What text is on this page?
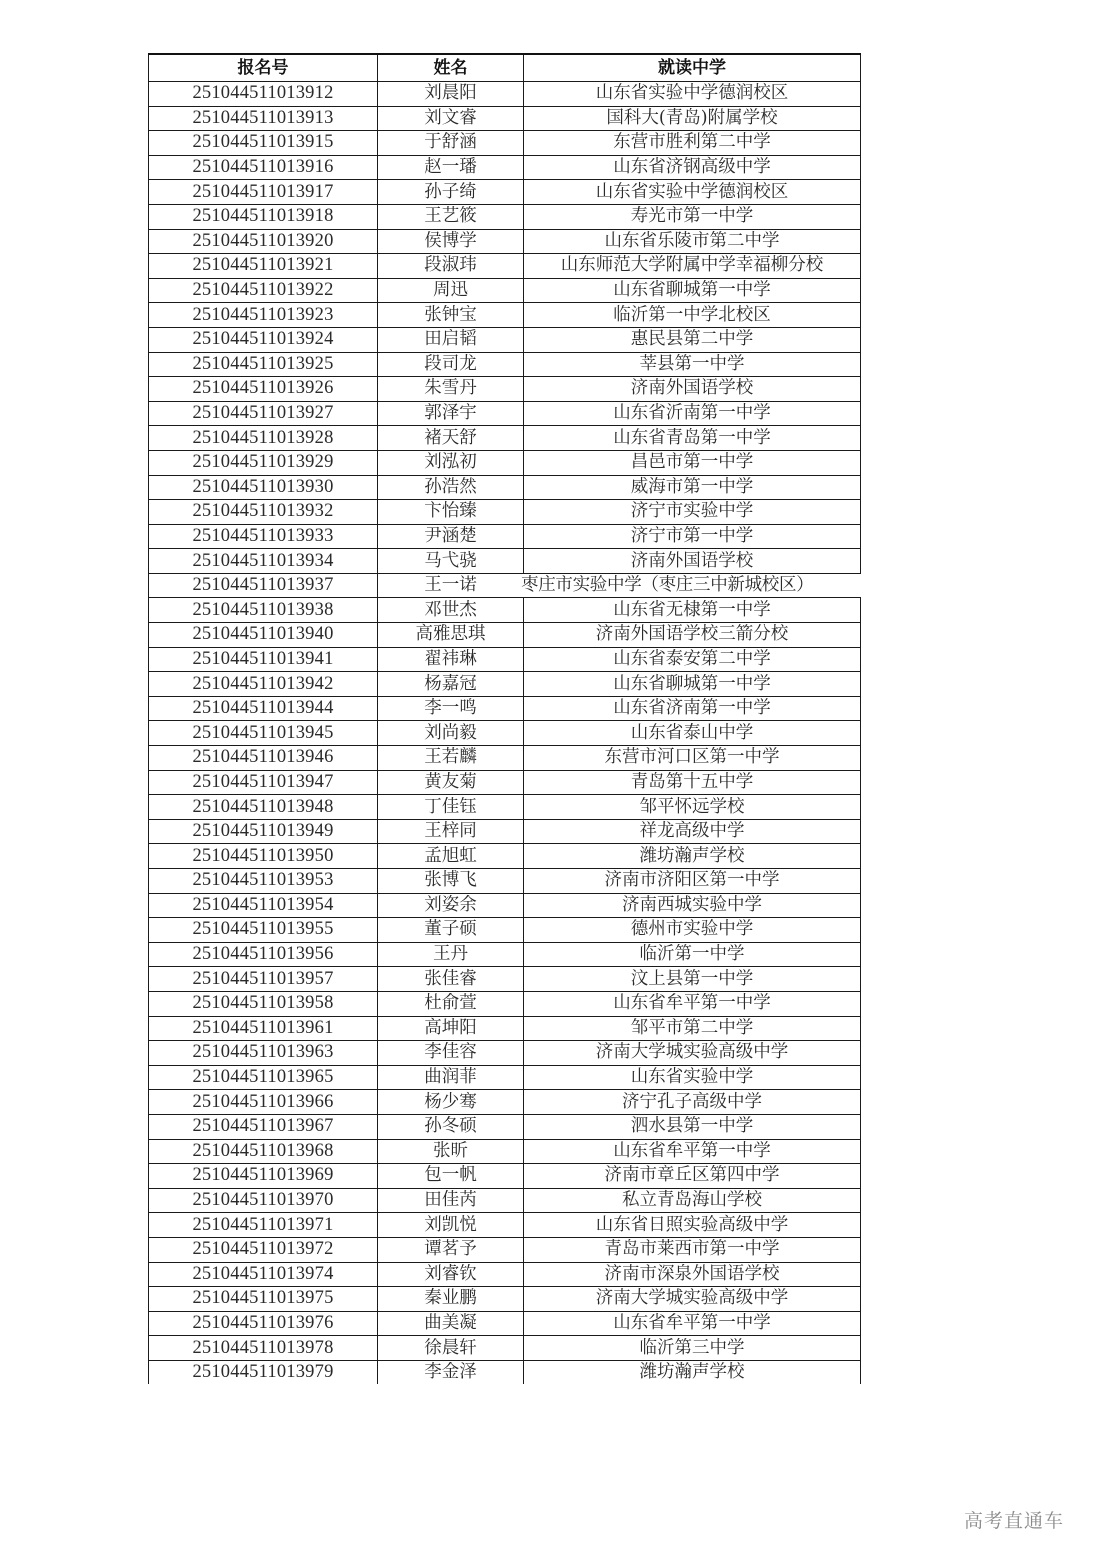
报名号	姓名	就读中学
251044511013912	刘晨阳	山东省实验中学德润校区
251044511013913	刘文睿	国科大(青岛)附属学校
251044511013915	于舒涵	东营市胜利第二中学
251044511013916	赵一璠	山东省济钢高级中学
251044511013917	孙子绮	山东省实验中学德润校区
251044511013918	王艺筱	寿光市第一中学
251044511013920	侯博学	山东省乐陵市第二中学
251044511013921	段淑玮	山东师范大学附属中学幸福柳分校
251044511013922	周迅	山东省聊城第一中学
251044511013923	张钟宝	临沂第一中学北校区
251044511013924	田启韬	惠民县第二中学
251044511013925	段司龙	莘县第一中学
251044511013926	朱雪丹	济南外国语学校
251044511013927	郭泽宇	山东省沂南第一中学
251044511013928	褚天舒	山东省青岛第一中学
251044511013929	刘泓初	昌邑市第一中学
251044511013930	孙浩然	威海市第一中学
251044511013932	卞怡臻	济宁市实验中学
251044511013933	尹涵楚	济宁市第一中学
251044511013934	马弋骁	济南外国语学校
251044511013937	王一诺	枣庄市实验中学（枣庄三中新城校区）

251044511013938	邓世杰	山东省无棣第一中学
251044511013940	高雅思琪	济南外国语学校三箭分校
251044511013941	翟祎琳	山东省泰安第二中学
251044511013942	杨嘉冠	山东省聊城第一中学
251044511013944	李一鸣	山东省济南第一中学
251044511013945	刘尚毅	山东省泰山中学
251044511013946	王若麟	东营市河口区第一中学
251044511013947	黄友菊	青岛第十五中学
251044511013948	丁佳钰	邹平怀远学校
251044511013949	王梓同	祥龙高级中学
251044511013950	孟旭虹	潍坊瀚声学校
251044511013953	张博飞	济南市济阳区第一中学
251044511013954	刘姿余	济南西城实验中学
251044511013955	董子硕	德州市实验中学
251044511013956	王丹	临沂第一中学
251044511013957	张佳睿	汶上县第一中学
251044511013958	杜俞萱	山东省牟平第一中学
251044511013961	高坤阳	邹平市第二中学
251044511013963	李佳容	济南大学城实验高级中学
251044511013965	曲润菲	山东省实验中学
251044511013966	杨少骞	济宁孔子高级中学
251044511013967	孙冬硕	泗水县第一中学
251044511013968	张昕	山东省牟平第一中学
251044511013969	包一帆	济南市章丘区第四中学
251044511013970	田佳芮	私立青岛海山学校
251044511013971	刘凯悦	山东省日照实验高级中学
251044511013972	谭茗予	青岛市莱西市第一中学
251044511013974	刘睿钦	济南市深泉外国语学校
251044511013975	秦业鹏	济南大学城实验高级中学
251044511013976	曲美凝	山东省牟平第一中学
251044511013978	徐晨轩	临沂第三中学
251044511013979	李金泽	潍坊瀚声学校
高考直通车
